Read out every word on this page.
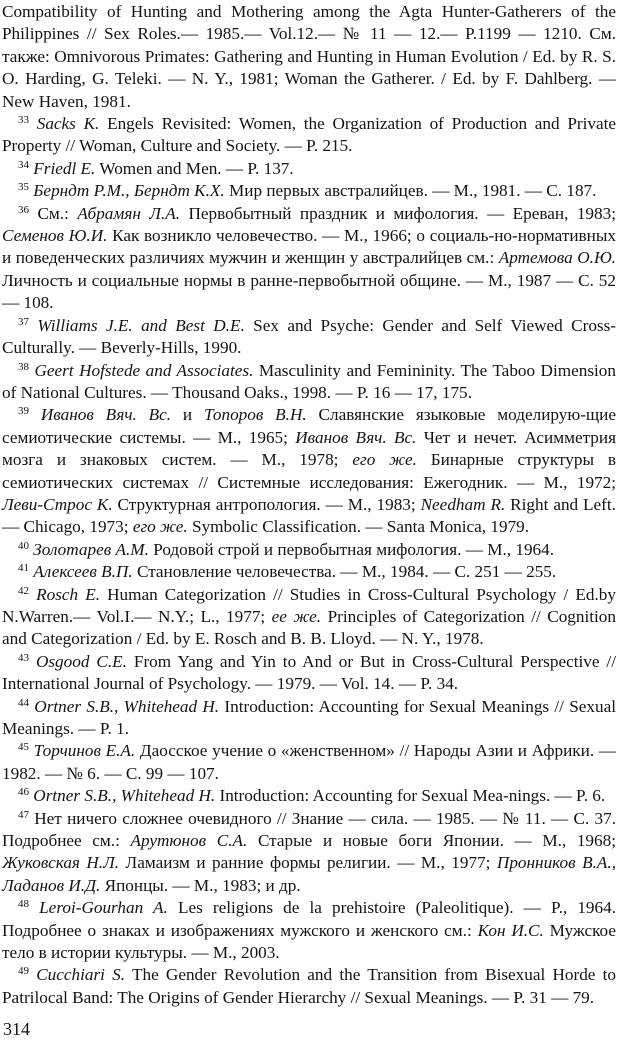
Compatibility of Hunting and Mothering among the Agta Hunter-Gatherers of the Philippines // Sex Roles.— 1985.— Vol.12.— № 11 — 12.— P.1199 — 1210. См. также: Omnivorous Primates: Gathering and Hunting in Human Evolution / Ed. by R. S. O. Harding, G. Teleki. — N. Y., 1981; Woman the Gatherer. / Ed. by F. Dahlberg. — New Haven, 1981.

$^{33}$ Sacks K. Engels Revisited: Women, the Organization of Production and Private Property // Woman, Culture and Society. — P. 215.

$^{34}$ Friedl E. Women and Men. — P. 137.

$^{35}$ Берндт Р.М., Берндт К.Х. Мир первых австралийцев. — М., 1981. — С. 187.

$^{36}$ См.: Абрамян Л.А. Первобытный праздник и мифология. — Ереван, 1983; Семенов Ю.И. Как возникло человечество. — М., 1966; о социаль-но-нормативных и поведенческих различиях мужчин и женщин у австралийцев см.: Артемова О.Ю. Личность и социальные нормы в ранне-первобытной общине. — М., 1987 — С. 52 — 108.

$^{37}$ Williams J.E. and Best D.E. Sex and Psyche: Gender and Self Viewed Cross-Culturally. — Beverly-Hills, 1990.

$^{38}$ Geert Hofstede and Associates. Masculinity and Femininity. The Taboo Dimension of National Cultures. — Thousand Oaks., 1998. — P. 16 — 17, 175.

$^{39}$ Иванов Вяч. Вс. и Топоров В.Н. Славянские языковые моделирую-щие семиотические системы. — М., 1965; Иванов Вяч. Вс. Чет и нечет. Асимметрия мозга и знаковых систем. — М., 1978; его же. Бинарные структуры в семиотических системах // Системные исследования: Ежегодник. — М., 1972; Леви-Строс К. Структурная антропология. — М., 1983; Needham R. Right and Left. — Chicago, 1973; его же. Symbolic Classification. — Santa Monica, 1979.

$^{40}$ Золотарев А.М. Родовой строй и первобытная мифология. — М., 1964.

$^{41}$ Алексеев В.П. Становление человечества. — М., 1984. — С. 251 — 255.

$^{42}$ Rosch E. Human Categorization // Studies in Cross-Cultural Psychology / Ed.by N.Warren.— Vol.I.— N.Y.; L., 1977; ее же. Principles of Categorization // Cognition and Categorization / Ed. by E. Rosch and B. B. Lloyd. — N. Y., 1978.

$^{43}$ Osgood C.E. From Yang and Yin to And or But in Cross-Cultural Perspective // International Journal of Psychology. — 1979. — Vol. 14. — P. 34.

$^{44}$ Ortner S.B., Whitehead H. Introduction: Accounting for Sexual Meanings // Sexual Meanings. — P. 1.

$^{45}$ Торчинов Е.А. Даосское учение о «женственном» // Народы Азии и Африки. — 1982. — № 6. — С. 99 — 107.

$^{46}$ Ortner S.B., Whitehead H. Introduction: Accounting for Sexual Mea-nings. — P. 6.

$^{47}$ Нет ничего сложнее очевидного // Знание — сила. — 1985. — № 11. — С. 37. Подробнее см.: Арутюнов С.А. Старые и новые боги Японии. — М., 1968; Жуковская Н.Л. Ламаизм и ранние формы религии. — М., 1977; Пронников В.А., Ладанов И.Д. Японцы. — М., 1983; и др.

$^{48}$ Leroi-Gourhan A. Les religions de la prehistoire (Paleolitique). — P., 1964. Подробнее о знаках и изображениях мужского и женского см.: Кон И.С. Мужское тело в истории культуры. — М., 2003.

$^{49}$ Cucchiari S. The Gender Revolution and the Transition from Bisexual Horde to Patrilocal Band: The Origins of Gender Hierarchy // Sexual Meanings. — P. 31 — 79.

314
